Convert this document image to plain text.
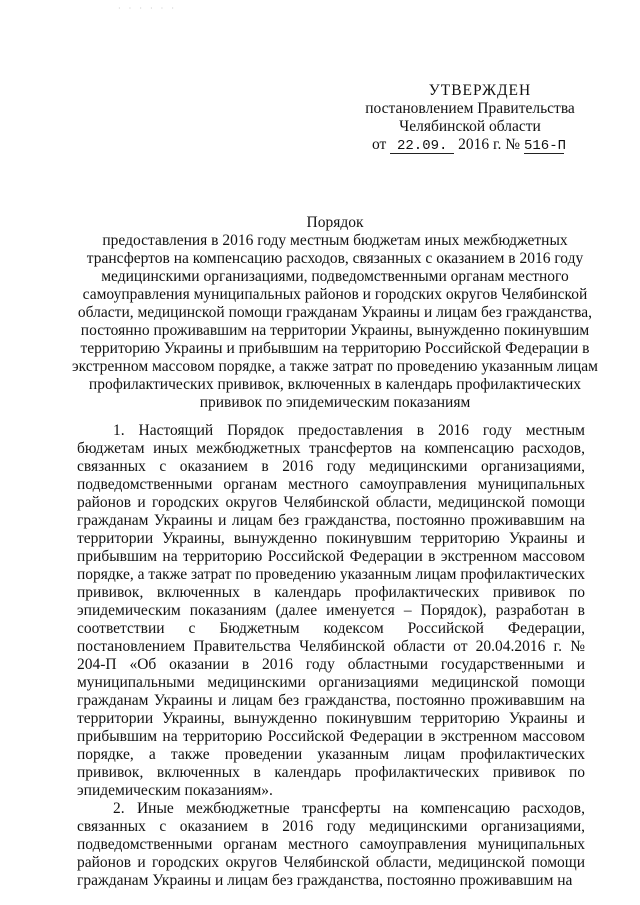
· · · · · ·
УТВЕРЖДЕН
постановлением Правительства
Челябинской области
от 22.09. 2016 г. № 516-П
Порядок
предоставления в 2016 году местным бюджетам иных межбюджетных трансфертов на компенсацию расходов, связанных с оказанием в 2016 году медицинскими организациями, подведомственными органам местного самоуправления муниципальных районов и городских округов Челябинской области, медицинской помощи гражданам Украины и лицам без гражданства, постоянно проживавшим на территории Украины, вынужденно покинувшим территорию Украины и прибывшим на территорию Российской Федерации в экстренном массовом порядке, а также затрат по проведению указанным лицам профилактических прививок, включенных в календарь профилактических прививок по эпидемическим показаниям

1. Настоящий Порядок предоставления в 2016 году местным бюджетам иных межбюджетных трансфертов на компенсацию расходов, связанных с оказанием в 2016 году медицинскими организациями, подведомственными органам местного самоуправления муниципальных районов и городских округов Челябинской области, медицинской помощи гражданам Украины и лицам без гражданства, постоянно проживавшим на территории Украины, вынужденно покинувшим территорию Украины и прибывшим на территорию Российской Федерации в экстренном массовом порядке, а также затрат по проведению указанным лицам профилактических прививок, включенных в календарь профилактических прививок по эпидемическим показаниям (далее именуется – Порядок), разработан в соответствии с Бюджетным кодексом Российской Федерации, постановлением Правительства Челябинской области от 20.04.2016 г. № 204-П «Об оказании в 2016 году областными государственными и муниципальными медицинскими организациями медицинской помощи гражданам Украины и лицам без гражданства, постоянно проживавшим на территории Украины, вынужденно покинувшим территорию Украины и прибывшим на территорию Российской Федерации в экстренном массовом порядке, а также проведении указанным лицам профилактических прививок, включенных в календарь профилактических прививок по эпидемическим показаниям».

2. Иные межбюджетные трансферты на компенсацию расходов, связанных с оказанием в 2016 году медицинскими организациями, подведомственными органам местного самоуправления муниципальных районов и городских округов Челябинской области, медицинской помощи гражданам Украины и лицам без гражданства, постоянно проживавшим на
